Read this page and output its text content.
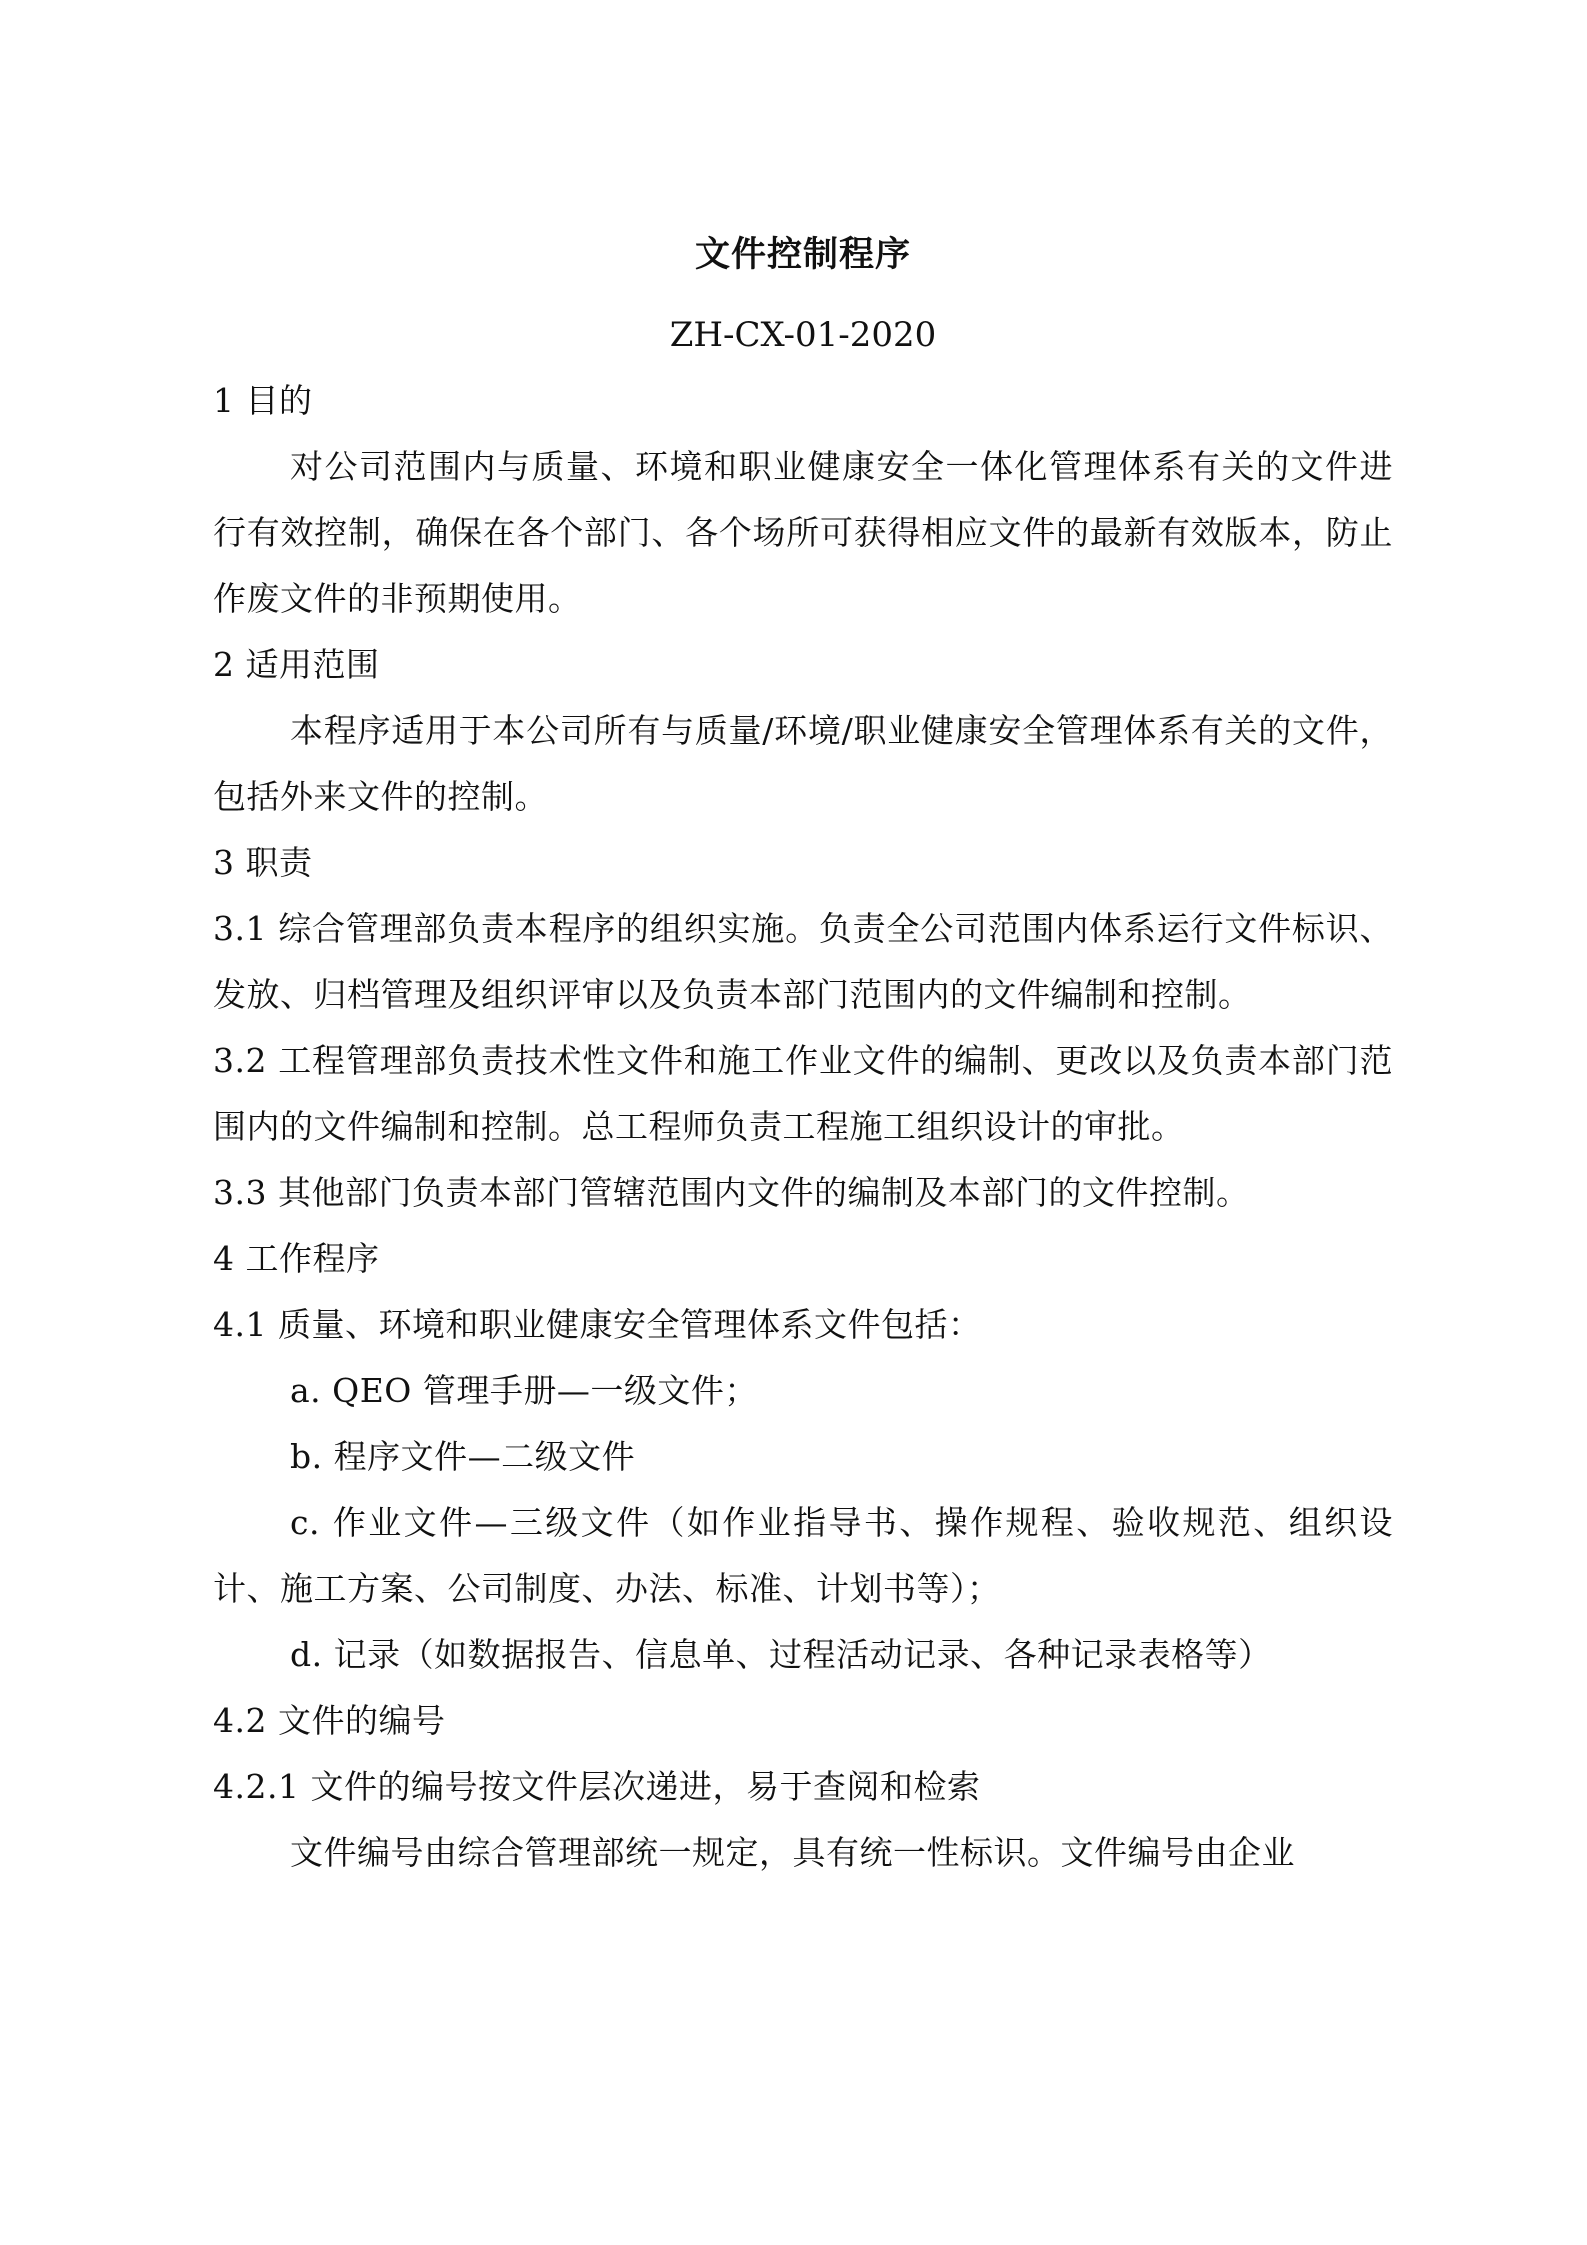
文件控制程序
ZH-CX-01-2020

1 目的

对公司范围内与质量、环境和职业健康安全一体化管理体系有关的文件进行有效控制，确保在各个部门、各个场所可获得相应文件的最新有效版本，防止作废文件的非预期使用。

2 适用范围

本程序适用于本公司所有与质量/环境/职业健康安全管理体系有关的文件，包括外来文件的控制。

3 职责

3.1 综合管理部负责本程序的组织实施。负责全公司范围内体系运行文件标识、发放、归档管理及组织评审以及负责本部门范围内的文件编制和控制。

3.2 工程管理部负责技术性文件和施工作业文件的编制、更改以及负责本部门范围内的文件编制和控制。总工程师负责工程施工组织设计的审批。

3.3 其他部门负责本部门管辖范围内文件的编制及本部门的文件控制。

4 工作程序

4.1 质量、环境和职业健康安全管理体系文件包括：

a. QEO 管理手册—一级文件；

b. 程序文件—二级文件

c. 作业文件—三级文件（如作业指导书、操作规程、验收规范、组织设计、施工方案、公司制度、办法、标准、计划书等）；

d. 记录（如数据报告、信息单、过程活动记录、各种记录表格等）

4.2 文件的编号

4.2.1 文件的编号按文件层次递进，易于查阅和检索

文件编号由综合管理部统一规定，具有统一性标识。文件编号由企业
